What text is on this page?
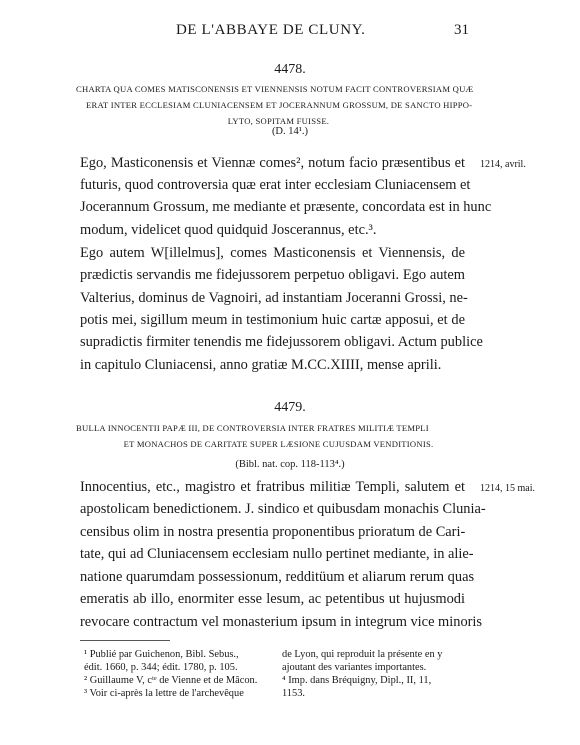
DE L'ABBAYE DE CLUNY.	31
4478.
CHARTA QUA COMES MATISCONENSIS ET VIENNENSIS NOTUM FACIT CONTROVERSIAM QUÆ
ERAT INTER ECCLESIAM CLUNIACENSEM ET JOCERANNUM GROSSUM, DE SANCTO HIPPO-
LYTO, SOPITAM FUISSE.
(D. 14¹.)
1214, avril.
Ego, Masticonensis et Viennæ comes², notum facio præsentibus et
futuris, quod controversia quæ erat inter ecclesiam Cluniacensem et
Jocerannum Grossum, me mediante et præsente, concordata est in hunc
modum, videlicet quod quidquid Joscerannus, etc.³.
Ego autem W[illelmus], comes Masticonensis et Viennensis, de
prædictis servandis me fidejussorem perpetuo obligavi. Ego autem
Valterius, dominus de Vagnoiri, ad instantiam Joceranni Grossi, ne-
potis mei, sigillum meum in testimonium huic cartæ apposui, et de
supradictis firmiter tenendis me fidejussorem obligavi. Actum publice
in capitulo Cluniacensi, anno gratiæ M.CC.XIIII, mense aprili.
4479.
BULLA INNOCENTII PAPÆ III, DE CONTROVERSIA INTER FRATRES MILITIÆ TEMPLI
ET MONACHOS DE CARITATE SUPER LÆSIONE CUJUSDAM VENDITIONIS.
(Bibl. nat. cop. 118-113⁴.)
1214, 15 mai.
Innocentius, etc., magistro et fratribus militiæ Templi, salutem et
apostolicam benedictionem. J. sindico et quibusdam monachis Clunia-
censibus olim in nostra presentia proponentibus prioratum de Cari-
tate, qui ad Cluniacensem ecclesiam nullo pertinet mediante, in alie-
natione quarumdam possessionum, redditüum et aliarum rerum quas
emeratis ab illo, enormiter esse lesum, ac petentibus ut hujusmodi
revocare contractum vel monasterium ipsum in integrum vice minoris
¹ Publié par Guichenon, Bibl. Sebus.,
édit. 1660, p. 344; édit. 1780, p. 105.
² Guillaume V, cᵗᵉ de Vienne et de Mâcon.
³ Voir ci-après la lettre de l'archevêque
de Lyon, qui reproduit la présente en y
ajoutant des variantes importantes.
⁴ Imp. dans Bréquigny, Dipl., II, 11,
1153.
